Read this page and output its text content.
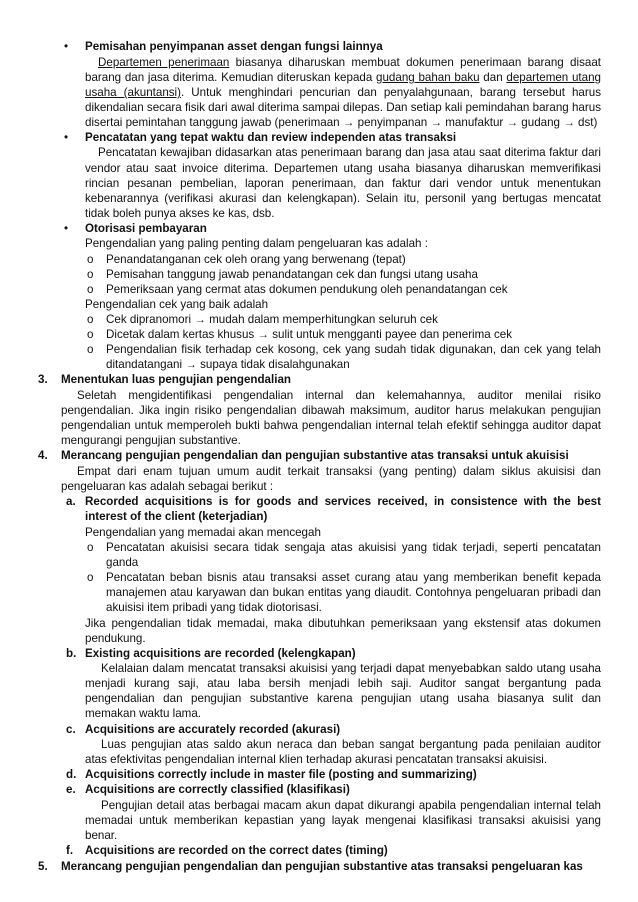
• Pemisahan penyimpanan asset dengan fungsi lainnya
Departemen penerimaan biasanya diharuskan membuat dokumen penerimaan barang disaat
barang dan jasa diterima. Kemudian diteruskan kepada gudang bahan baku dan departemen utang
usaha (akuntansi). Untuk menghindari pencurian dan penyalahgunaan, barang tersebut harus
dikendalian secara fisik dari awal diterima sampai dilepas. Dan setiap kali pemindahan barang harus
disertai pemintahan tanggung jawab (penerimaan → penyimpanan → manufaktur → gudang → dst)
• Pencatatan yang tepat waktu dan review independen atas transaksi
Pencatatan kewajiban didasarkan atas penerimaan barang dan jasa atau saat diterima faktur dari
vendor atau saat invoice diterima. Departemen utang usaha biasanya diharuskan memverifikasi
rincian pesanan pembelian, laporan penerimaan, dan faktur dari vendor untuk menentukan
kebenarannya (verifikasi akurasi dan kelengkapan). Selain itu, personil yang bertugas mencatat
tidak boleh punya akses ke kas, dsb.
• Otorisasi pembayaran
Pengendalian yang paling penting dalam pengeluaran kas adalah :
o Penandatanganan cek oleh orang yang berwenang (tepat)
o Pemisahan tanggung jawab penandatangan cek dan fungsi utang usaha
o Pemeriksaan yang cermat atas dokumen pendukung oleh penandatangan cek
Pengendalian cek yang baik adalah
o Cek dipranomori → mudah dalam memperhitungkan seluruh cek
o Dicetak dalam kertas khusus → sulit untuk mengganti payee dan penerima cek
o Pengendalian fisik terhadap cek kosong, cek yang sudah tidak digunakan, dan cek yang telah
ditandatangani → supaya tidak disalahgunakan
3. Menentukan luas pengujian pengendalian
Seletah mengidentifikasi pengendalian internal dan kelemahannya, auditor menilai risiko
pengendalian. Jika ingin risiko pengendalian dibawah maksimum, auditor harus melakukan pengujian
pengendalian untuk memperoleh bukti bahwa pengendalian internal telah efektif sehingga auditor dapat
mengurangi pengujian substantive.
4. Merancang pengujian pengendalian dan pengujian substantive atas transaksi untuk akuisisi
Empat dari enam tujuan umum audit terkait transaksi (yang penting) dalam siklus akuisisi dan
pengeluaran kas adalah sebagai berikut :
a. Recorded acquisitions is for goods and services received, in consistence with the best
interest of the client (keterjadian)
Pengendalian yang memadai akan mencegah
o Pencatatan akuisisi secara tidak sengaja atas akuisisi yang tidak terjadi, seperti pencatatan
ganda
o Pencatatan beban bisnis atau transaksi asset curang atau yang memberikan benefit kepada
manajemen atau karyawan dan bukan entitas yang diaudit. Contohnya pengeluaran pribadi dan
akuisisi item pribadi yang tidak diotorisasi.
Jika pengendalian tidak memadai, maka dibutuhkan pemeriksaan yang ekstensif atas dokumen
pendukung.
b. Existing acquisitions are recorded (kelengkapan)
Kelalaian dalam mencatat transaksi akuisisi yang terjadi dapat menyebabkan saldo utang usaha
menjadi kurang saji, atau laba bersih menjadi lebih saji. Auditor sangat bergantung pada
pengendalian dan pengujian substantive karena pengujian utang usaha biasanya sulit dan
memakan waktu lama.
c. Acquisitions are accurately recorded (akurasi)
Luas pengujian atas saldo akun neraca dan beban sangat bergantung pada penilaian auditor
atas efektivitas pengendalian internal klien terhadap akurasi pencatatan transaksi akuisisi.
d. Acquisitions correctly include in master file (posting and summarizing)
e. Acquisitions are correctly classified (klasifikasi)
Pengujian detail atas berbagai macam akun dapat dikurangi apabila pengendalian internal telah
memadai untuk memberikan kepastian yang layak mengenai klasifikasi transaksi akuisisi yang
benar.
f. Acquisitions are recorded on the correct dates (timing)
5. Merancang pengujian pengendalian dan pengujian substantive atas transaksi pengeluaran kas
